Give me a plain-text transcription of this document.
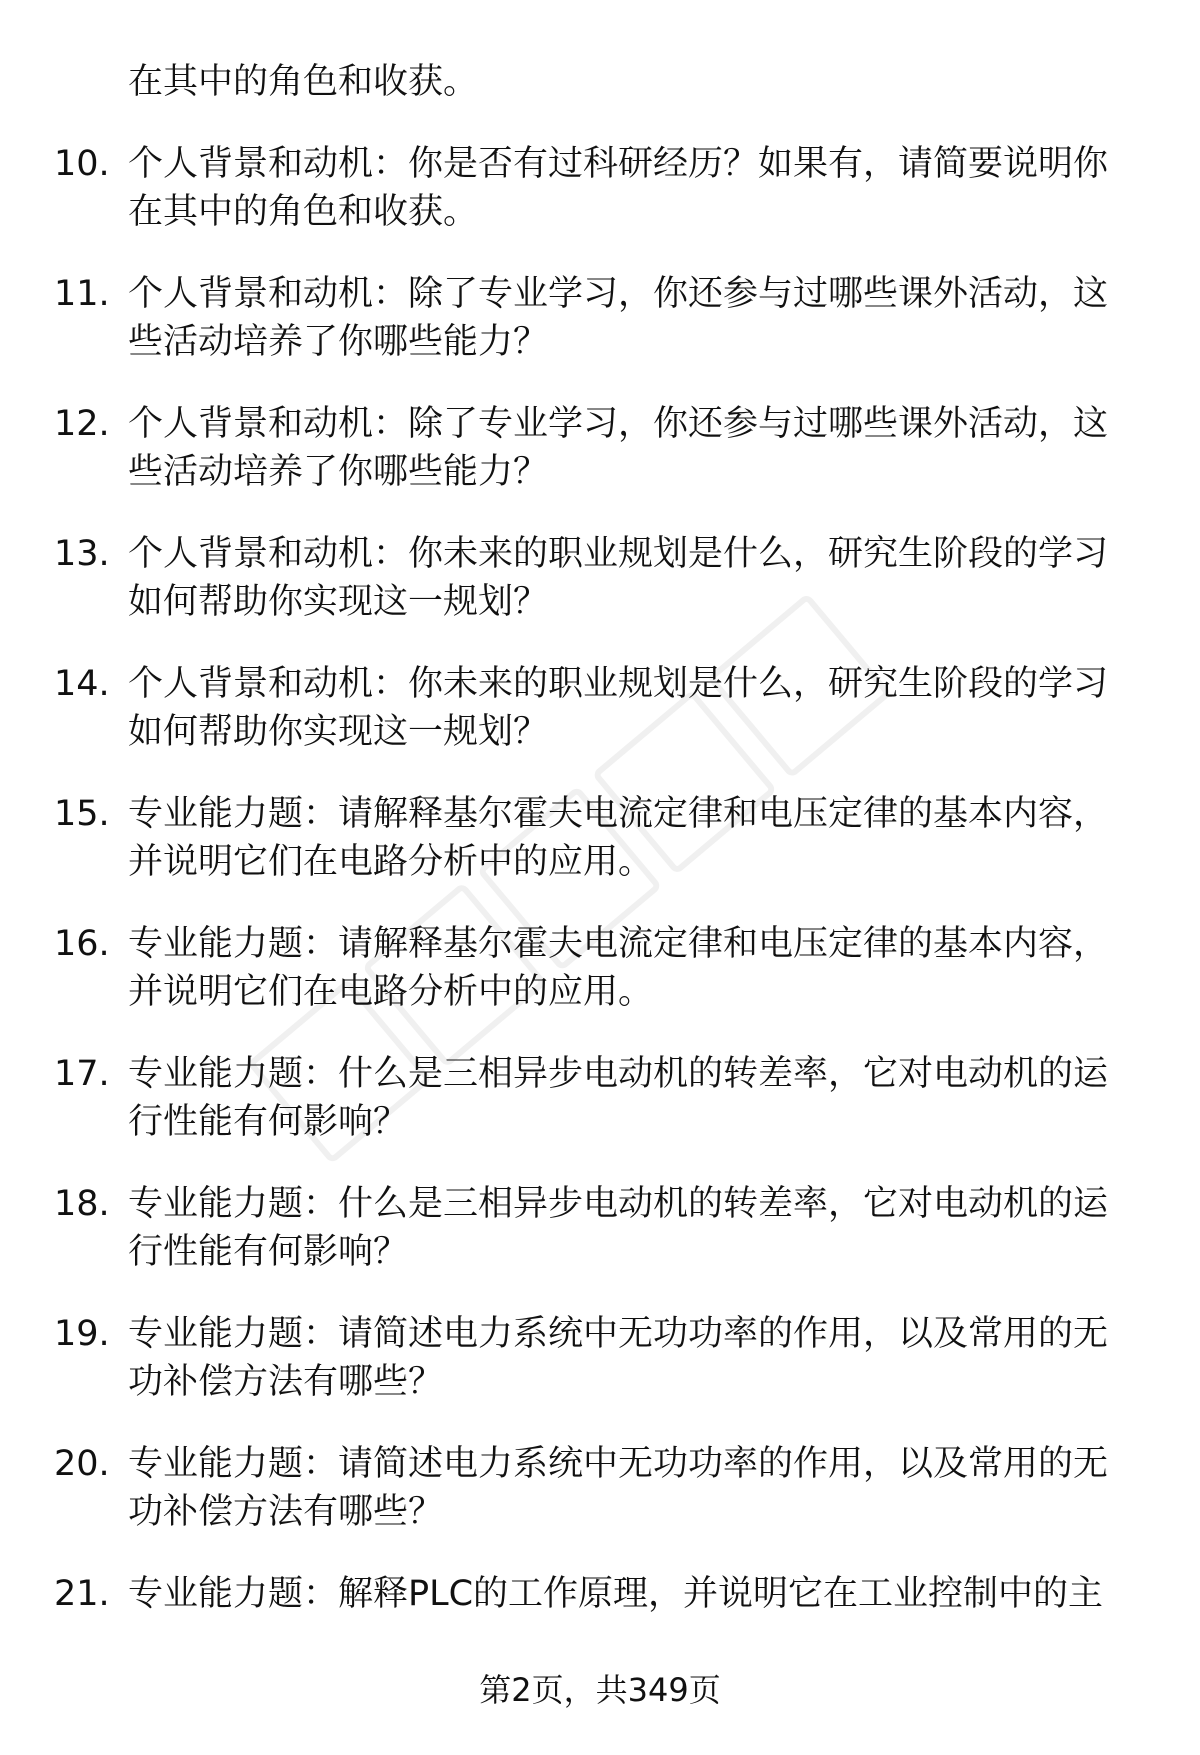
在其中的角色和收获。
10. 个人背景和动机：你是否有过科研经历？如果有，请简要说明你
在其中的角色和收获。
11. 个人背景和动机：除了专业学习，你还参与过哪些课外活动，这
些活动培养了你哪些能力？
12. 个人背景和动机：除了专业学习，你还参与过哪些课外活动，这
些活动培养了你哪些能力？
13. 个人背景和动机：你未来的职业规划是什么，研究生阶段的学习
如何帮助你实现这一规划？
14. 个人背景和动机：你未来的职业规划是什么，研究生阶段的学习
如何帮助你实现这一规划？
15. 专业能力题：请解释基尔霍夫电流定律和电压定律的基本内容，
并说明它们在电路分析中的应用。
16. 专业能力题：请解释基尔霍夫电流定律和电压定律的基本内容，
并说明它们在电路分析中的应用。
17. 专业能力题：什么是三相异步电动机的转差率，它对电动机的运
行性能有何影响？
18. 专业能力题：什么是三相异步电动机的转差率，它对电动机的运
行性能有何影响？
19. 专业能力题：请简述电力系统中无功功率的作用，以及常用的无
功补偿方法有哪些？
20. 专业能力题：请简述电力系统中无功功率的作用，以及常用的无
功补偿方法有哪些？
21. 专业能力题：解释PLC的工作原理，并说明它在工业控制中的主
第2页，共349页
